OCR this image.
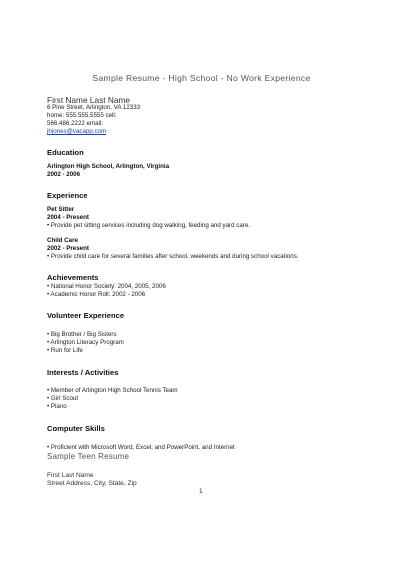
Sample Resume - High School - No Work Experience
First Name Last Name
6 Pine Street, Arlington, VA 12333
home: 555.555.5555 cell:
566.486.2222 email:
jhjones@vacapp.com
Education
Arlington High School, Arlington, Virginia
2002 - 2006
Experience
Pet Sitter
2004 - Present
• Provide pet sitting services including dog walking, feeding and yard care.
Child Care
2002 - Present
• Provide child care for several families after school, weekends and during school vacations.
Achievements
• National Honor Society: 2004, 2005, 2006
• Academic Honor Roll: 2002 - 2006
Volunteer Experience
• Big Brother / Big Sisters
• Arlington Literacy Program
• Run for Life
Interests / Activities
• Member of Arlington High School Tennis Team
• Girl Scout
• Piano
Computer Skills
• Proficient with Microsoft Word, Excel, and PowerPoint, and Internet
Sample Teen Resume
First Last Name
Street Address, City, State, Zip
1
